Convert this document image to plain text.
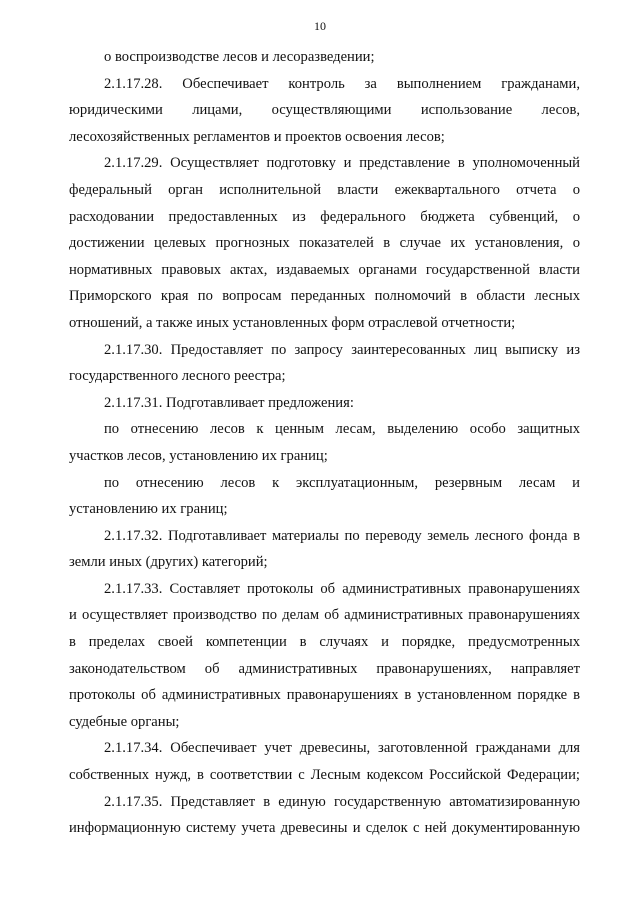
10
о воспроизводстве лесов и лесоразведении;
2.1.17.28. Обеспечивает контроль за выполнением гражданами,
юридическими лицами, осуществляющими использование лесов,
лесохозяйственных регламентов и проектов освоения лесов;
2.1.17.29. Осуществляет подготовку и представление в уполномоченный
федеральный орган исполнительной власти ежеквартального отчета о
расходовании предоставленных из федерального бюджета субвенций, о
достижении целевых прогнозных показателей в случае их установления, о
нормативных правовых актах, издаваемых органами государственной власти
Приморского края по вопросам переданных полномочий в области лесных
отношений, а также иных установленных форм отраслевой отчетности;
2.1.17.30. Предоставляет по запросу заинтересованных лиц выписку из
государственного лесного реестра;
2.1.17.31. Подготавливает предложения:
по отнесению лесов к ценным лесам, выделению особо защитных
участков лесов, установлению их границ;
по отнесению лесов к эксплуатационным, резервным лесам и
установлению их границ;
2.1.17.32. Подготавливает материалы по переводу земель лесного фонда в
земли иных (других) категорий;
2.1.17.33. Составляет протоколы об административных правонарушениях
и осуществляет производство по делам об административных правонарушениях
в пределах своей компетенции в случаях и порядке, предусмотренных
законодательством об административных правонарушениях, направляет
протоколы об административных правонарушениях в установленном порядке в
судебные органы;
2.1.17.34. Обеспечивает учет древесины, заготовленной гражданами для
собственных нужд, в соответствии с Лесным кодексом Российской Федерации;
2.1.17.35. Представляет в единую государственную автоматизированную
информационную систему учета древесины и сделок с ней документированную
